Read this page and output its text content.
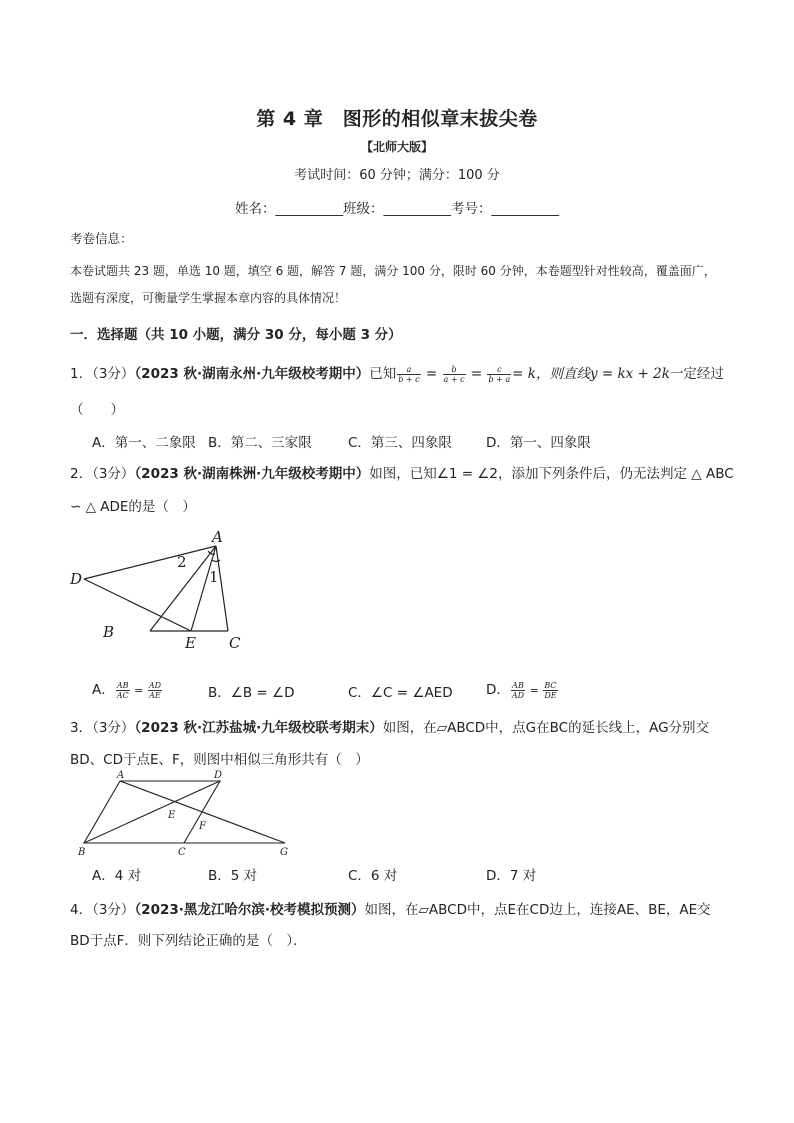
第 4 章　图形的相似章末拔尖卷
【北师大版】
考试时间：60 分钟；满分：100 分
姓名：__________班级：__________考号：__________
考卷信息：
本卷试题共 23 题，单选 10 题，填空 6 题，解答 7 题，满分 100 分，限时 60 分钟，本卷题型针对性较高，覆盖面广，选题有深度，可衡量学生掌握本章内容的具体情况！
一．选择题（共 10 小题，满分 30 分，每小题 3 分）
1．（3分）（2023 秋·湖南永州·九年级校考期中）已知 $\frac{a}{b + c} = \frac{b}{a + c} = \frac{c}{b + a} = k$，则直线y = kx + 2k一定经过
（　　）
A．第一、二象限 B．第二、三家限	C．第三、四象限	D．第一、四象限
2．（3分）（2023 秋·湖南株洲·九年级校考期中）如图，已知∠1 = ∠2，添加下列条件后，仍无法判定 △ ABC
∽ △ ADE的是（　）
A
D
B
E C
2
1
A． $\frac{AB}{AC} = \frac{AD}{AE}$	B．∠B = ∠D	C．∠C = ∠AED D． $\frac{AB}{AD} = \frac{BC}{DE}$
3．（3分）（2023 秋·江苏盐城·九年级校联考期末）如图，在▱ABCD中，点G在BC的延长线上，AG分别交
BD、CD于点E、F，则图中相似三角形共有（　）
A	D
B	C	G
E
F
A．4 对	B．5 对	C．6 对	D．7 对
4．（3分）（2023·黑龙江哈尔滨·校考模拟预测）如图，在▱ABCD中，点E在CD边上，连接AE、BE，AE交
BD于点F．则下列结论正确的是（　）．
